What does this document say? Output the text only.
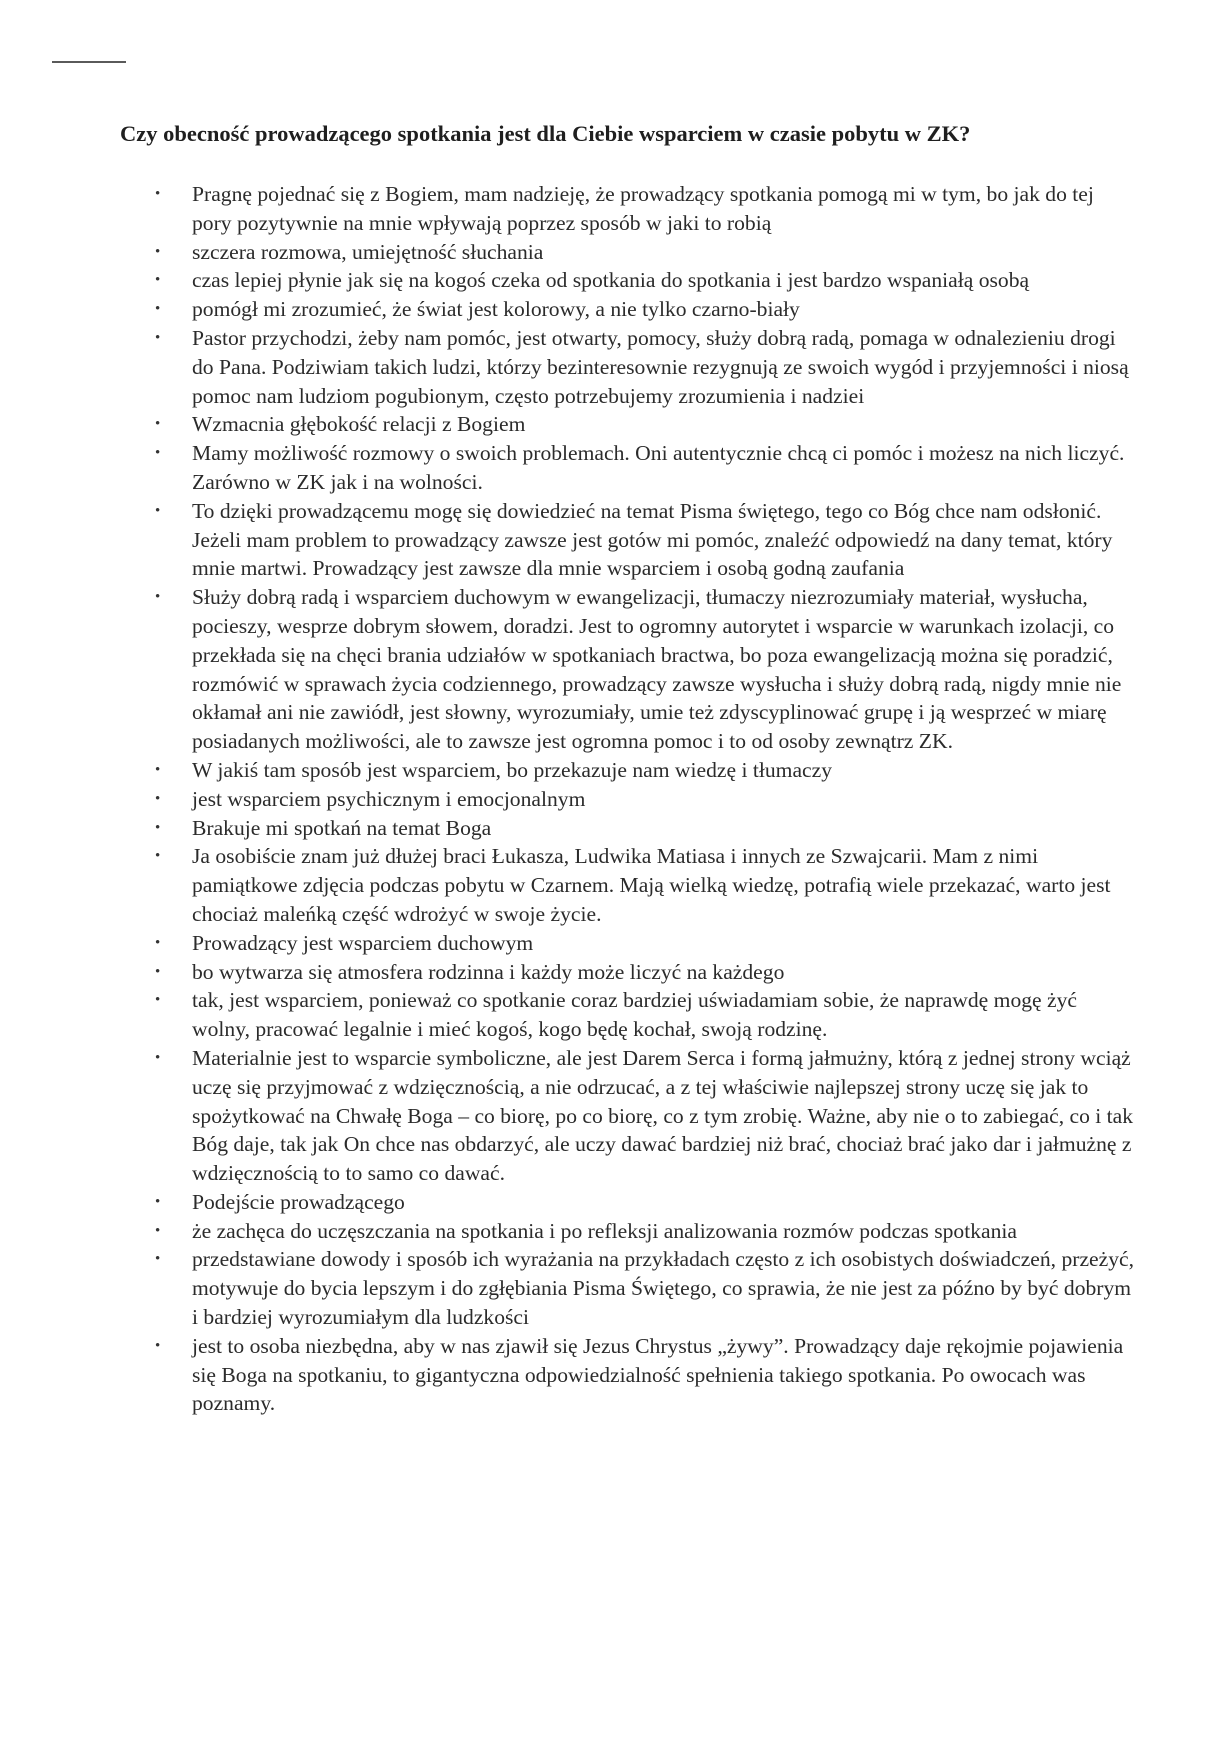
Czy obecność prowadzącego spotkania jest dla Ciebie wsparciem w czasie pobytu w ZK?
•	Pragnę pojednać się z Bogiem, mam nadzieję, że prowadzący spotkania pomogą mi w tym, bo jak do tej pory pozytywnie na mnie wpływają poprzez sposób w jaki to robią
•	szczera rozmowa, umiejętność słuchania
•	czas lepiej płynie jak się na kogoś czeka od spotkania do spotkania i jest bardzo wspaniałą osobą
•	pomógł mi zrozumieć, że świat jest kolorowy, a nie tylko czarno-biały
•	Pastor przychodzi, żeby nam pomóc, jest otwarty, pomocy, służy dobrą radą, pomaga w odnalezieniu drogi do Pana. Podziwiam takich ludzi, którzy bezinteresownie rezygnują ze swoich wygód i przyjemności i niosą pomoc nam ludziom pogubionym, często potrzebujemy zrozumienia i nadziei
•	Wzmacnia głębokość relacji z Bogiem
•	Mamy możliwość rozmowy o swoich problemach. Oni autentycznie chcą ci pomóc i możesz na nich liczyć. Zarówno w ZK jak i na wolności.
•	To dzięki prowadzącemu mogę się dowiedzieć na temat Pisma świętego, tego co Bóg chce nam odsłonić. Jeżeli mam problem to prowadzący zawsze jest gotów mi pomóc, znaleźć odpowiedź na dany temat, który mnie martwi. Prowadzący jest zawsze dla mnie wsparciem i osobą godną zaufania
•	Służy dobrą radą i wsparciem duchowym w ewangelizacji, tłumaczy niezrozumiały materiał, wysłucha, pocieszy, wesprze dobrym słowem, doradzi. Jest to ogromny autorytet i wsparcie w warunkach izolacji, co przekłada się na chęci brania udziałów w spotkaniach bractwa, bo poza ewangelizacją można się poradzić, rozmówić w sprawach życia codziennego, prowadzący zawsze wysłucha i służy dobrą radą, nigdy mnie nie okłamał ani nie zawiódł, jest słowny, wyrozumiały, umie też zdyscyplinować grupę i ją wesprzeć w miarę posiadanych możliwości, ale to zawsze jest ogromna pomoc i to od osoby zewnątrz ZK.
•	W jakiś tam sposób jest wsparciem, bo przekazuje nam wiedzę i tłumaczy
•	jest wsparciem psychicznym i emocjonalnym
•	Brakuje mi spotkań na temat Boga
•	Ja osobiście znam już dłużej braci Łukasza, Ludwika Matiasa i innych ze Szwajcarii. Mam z nimi pamiątkowe zdjęcia podczas pobytu w Czarnem. Mają wielką wiedzę, potrafią wiele przekazać, warto jest chociaż maleńką część wdrożyć w swoje życie.
•	Prowadzący jest wsparciem duchowym
•	bo wytwarza się atmosfera rodzinna i każdy może liczyć na każdego
•	tak, jest wsparciem, ponieważ co spotkanie coraz bardziej uświadamiam sobie, że naprawdę mogę żyć wolny, pracować legalnie i mieć kogoś, kogo będę kochał, swoją rodzinę.
•	Materialnie jest to wsparcie symboliczne, ale jest Darem Serca i formą jałmużny, którą z jednej strony wciąż uczę się przyjmować z wdzięcznością, a nie odrzucać, a z tej właściwie najlepszej strony uczę się jak to spożytkować na Chwałę Boga – co biorę, po co biorę, co z tym zrobię. Ważne, aby nie o to zabiegać, co i tak Bóg daje, tak jak On chce nas obdarzyć, ale uczy dawać bardziej niż brać, chociaż brać jako dar i jałmużnę z wdzięcznością to to samo co dawać.
•	Podejście prowadzącego
•	że zachęca do uczęszczania na spotkania i po refleksji analizowania rozmów podczas spotkania
•	przedstawiane dowody i sposób ich wyrażania na przykładach często z ich osobistych doświadczeń, przeżyć, motywuje do bycia lepszym i do zgłębiania Pisma Świętego, co sprawia, że nie jest za późno by być dobrym i bardziej wyrozumiałym dla ludzkości
•	jest to osoba niezbędna, aby w nas zjawił się Jezus Chrystus „żywy”. Prowadzący daje rękojmie pojawienia się Boga na spotkaniu, to gigantyczna odpowiedzialność spełnienia takiego spotkania. Po owocach was poznamy.
